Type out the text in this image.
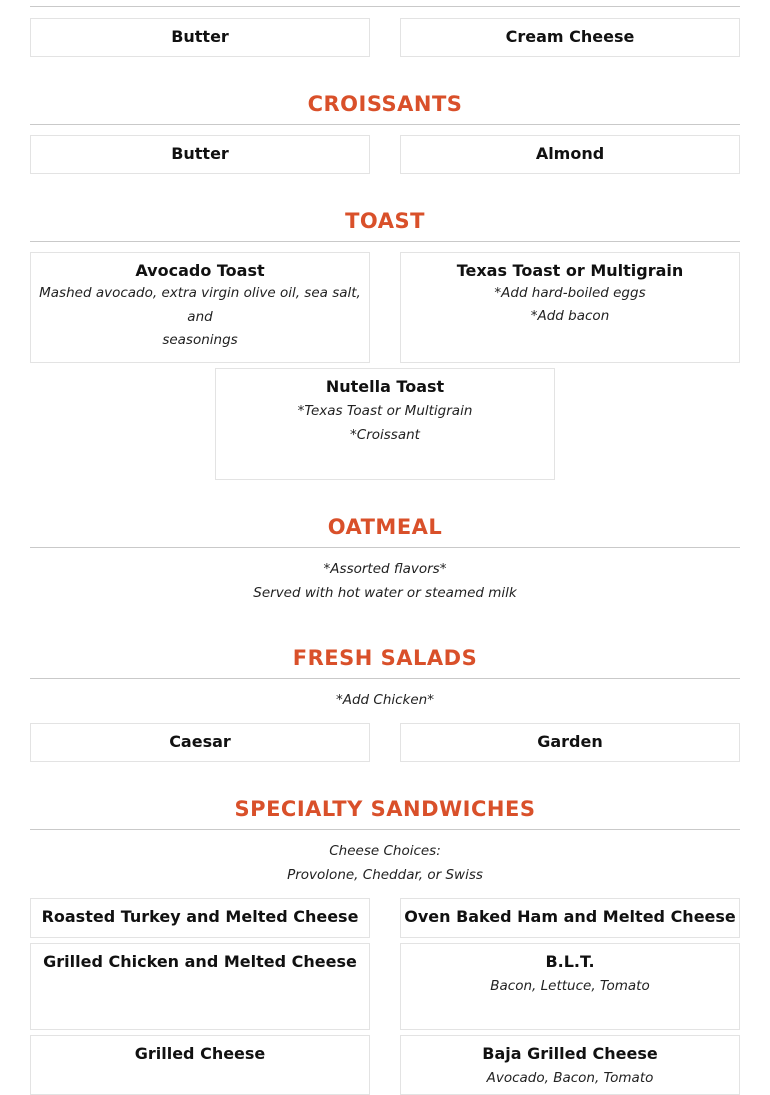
Butter	Cream Cheese
CROISSANTS
Butter	Almond
TOAST
Avocado Toast
Mashed avocado, extra virgin olive oil, sea salt, and
seasonings
Texas Toast or Multigrain
*Add hard-boiled eggs
*Add bacon
Nutella Toast
*Texas Toast or Multigrain
*Croissant
OATMEAL
*Assorted flavors*
Served with hot water or steamed milk
FRESH SALADS
*Add Chicken*
Caesar	Garden
SPECIALTY SANDWICHES
Cheese Choices:
Provolone, Cheddar, or Swiss
Roasted Turkey and Melted Cheese	Oven Baked Ham and Melted Cheese
Grilled Chicken and Melted Cheese	B.L.T.
Bacon, Lettuce, Tomato
Grilled Cheese	Baja Grilled Cheese
Avocado, Bacon, Tomato
